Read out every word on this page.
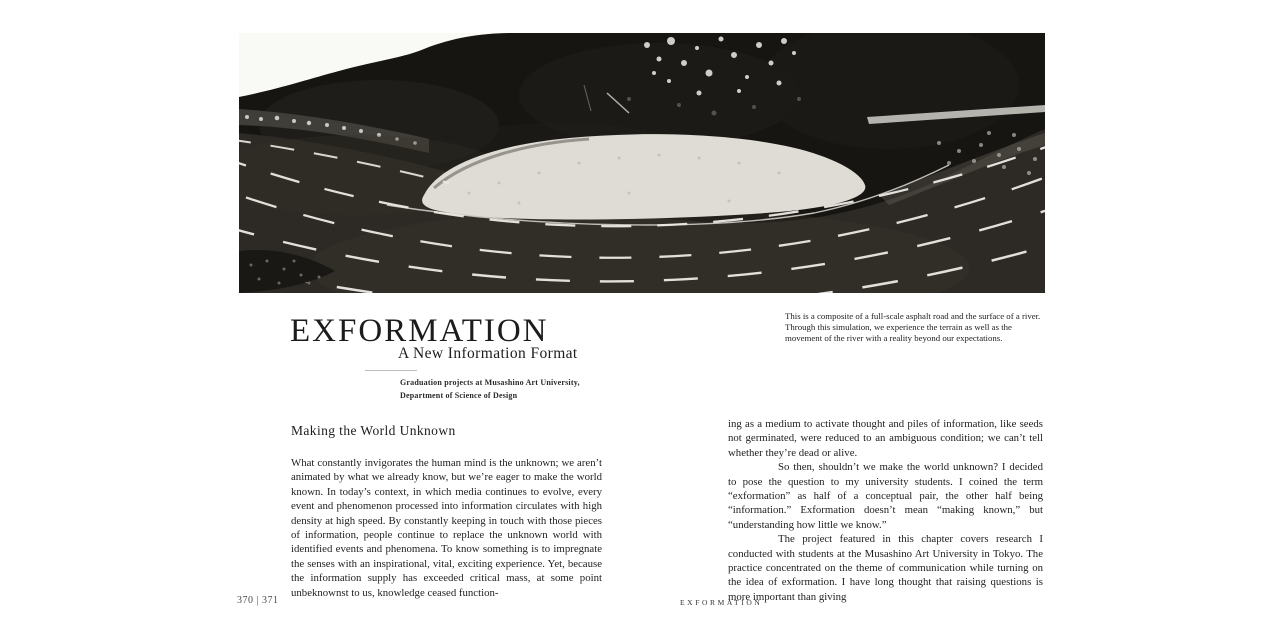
EXFORMATION
A New Information Format
Graduation projects at Musashino Art University,
Department of Science of Design
This is a composite of a full-scale asphalt road and the surface of a river. Through this simulation, we experience the terrain as well as the movement of the river with a reality beyond our expectations.
Making the World Unknown

What constantly invigorates the human mind is the unknown; we aren’t animated by what we already know, but we’re eager to make the world known. In today’s context, in which media continues to evolve, every event and phenomenon processed into information circulates with high density at high speed. By constantly keeping in touch with those pieces of information, people continue to replace the unknown world with identified events and phenomena. To know something is to impregnate the senses with an inspirational, vital, exciting experience. Yet, because the information supply has exceeded critical mass, at some point unbeknownst to us, knowledge ceased function-

ing as a medium to activate thought and piles of information, like seeds not germinated, were reduced to an ambiguous condition; we can’t tell whether they’re dead or alive.

So then, shouldn’t we make the world unknown? I decided to pose the question to my university students. I coined the term “exformation” as half of a conceptual pair, the other half being “information.” Exformation doesn’t mean “making known,” but “understanding how little we know.”

The project featured in this chapter covers research I conducted with students at the Musashino Art University in Tokyo. The practice concentrated on the theme of communication while turning on the idea of exformation. I have long thought that raising questions is more important than giving

370 | 371	EXFORMATION
